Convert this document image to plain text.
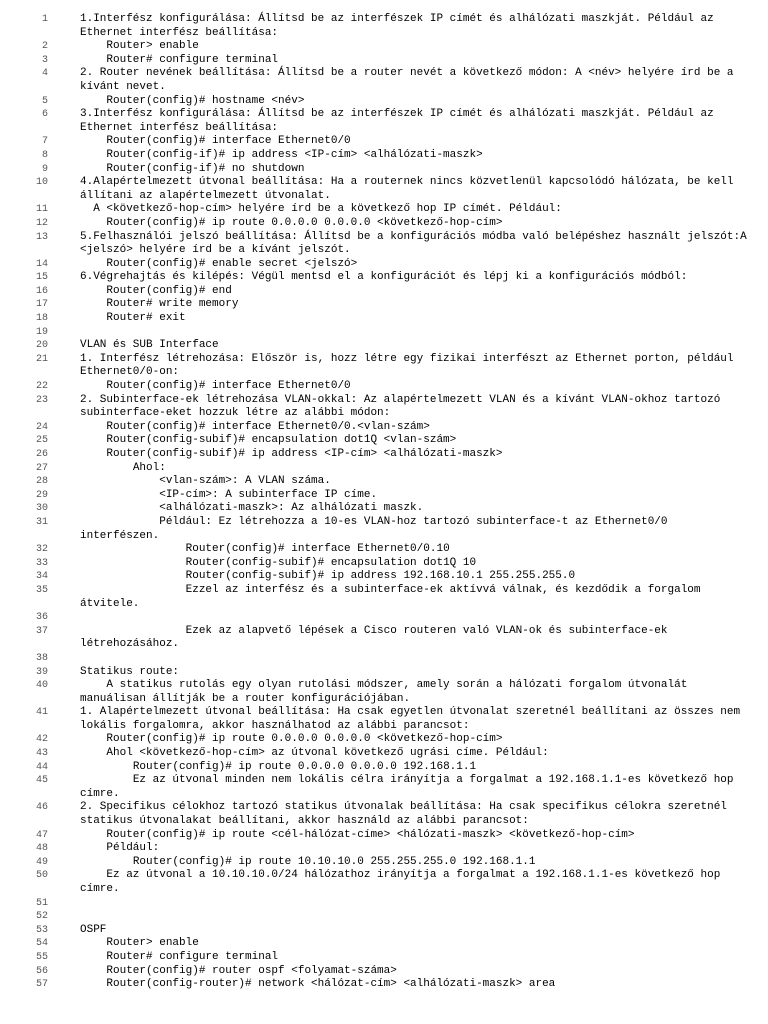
1	1.Interfész konfigurálása: Állítsd be az interfészek IP címét és alhálózati maszkját. Például az Ethernet interfész beállítása:
2	Router> enable
3	Router# configure terminal
4	2. Router nevének beállítása: Állítsd be a router nevét a következő módon: A <név> helyére írd be a kívánt nevet.
5	Router(config)# hostname <név>
6	3.Interfész konfigurálása: Állítsd be az interfészek IP címét és alhálózati maszkját. Például az Ethernet interfész beállítása:
7	Router(config)# interface Ethernet0/0
8	Router(config-if)# ip address <IP-cím> <alhálózati-maszk>
9	Router(config-if)# no shutdown
10	4.Alapértelmezett útvonal beállítása: Ha a routernek nincs közvetlenül kapcsolódó hálózata, be kell állítani az alapértelmezett útvonalat.
11	A <következő-hop-cím> helyére írd be a következő hop IP címét. Például:
12	Router(config)# ip route 0.0.0.0 0.0.0.0 <következő-hop-cím>
13	5.Felhasználói jelszó beállítása: Állítsd be a konfigurációs módba való belépéshez használt jelszót:A <jelszó> helyére írd be a kívánt jelszót.
14	Router(config)# enable secret <jelszó>
15	6.Végrehajtás és kilépés: Végül mentsd el a konfigurációt és lépj ki a konfigurációs módból:
16	Router(config)# end
17	Router# write memory
18	Router# exit
19
20	VLAN és SUB Interface
21	1. Interfész létrehozása: Először is, hozz létre egy fizikai interfészt az Ethernet porton, például Ethernet0/0-on:
22	Router(config)# interface Ethernet0/0
23	2. Subinterface-ek létrehozása VLAN-okkal: Az alapértelmezett VLAN és a kívánt VLAN-okhoz tartozó subinterface-eket hozzuk létre az alábbi módon:
24	Router(config)# interface Ethernet0/0.<vlan-szám>
25	Router(config-subif)# encapsulation dot1Q <vlan-szám>
26	Router(config-subif)# ip address <IP-cím> <alhálózati-maszk>
27	Ahol:
28	<vlan-szám>: A VLAN száma.
29	<IP-cím>: A subinterface IP címe.
30	<alhálózati-maszk>: Az alhálózati maszk.
31	Például: Ez létrehozza a 10-es VLAN-hoz tartozó subinterface-t az Ethernet0/0 interfészen.
32	Router(config)# interface Ethernet0/0.10
33	Router(config-subif)# encapsulation dot1Q 10
34	Router(config-subif)# ip address 192.168.10.1 255.255.255.0
35	Ezzel az interfész és a subinterface-ek aktívvá válnak, és kezdődik a forgalom átvitele.
36
37	Ezek az alapvető lépések a Cisco routeren való VLAN-ok és subinterface-ek létrehozásához.
38
39	Statikus route:
40	A statikus rutolás egy olyan rutolási módszer, amely során a hálózati forgalom útvonalát manuálisan állítják be a router konfigurációjában.
41	1. Alapértelmezett útvonal beállítása: Ha csak egyetlen útvonalat szeretnél beállítani az összes nem lokális forgalomra, akkor használhatod az alábbi parancsot:
42	Router(config)# ip route 0.0.0.0 0.0.0.0 <következő-hop-cím>
43	Ahol <következő-hop-cím> az útvonal következő ugrási címe. Például:
44	Router(config)# ip route 0.0.0.0 0.0.0.0 192.168.1.1
45	Ez az útvonal minden nem lokális célra irányítja a forgalmat a 192.168.1.1-es következő hop címre.
46	2. Specifikus célokhoz tartozó statikus útvonalak beállítása: Ha csak specifikus célokra szeretnél statikus útvonalakat beállítani, akkor használd az alábbi parancsot:
47	Router(config)# ip route <cél-hálózat-címe> <hálózati-maszk> <következő-hop-cím>
48	Például:
49	Router(config)# ip route 10.10.10.0 255.255.255.0 192.168.1.1
50	Ez az útvonal a 10.10.10.0/24 hálózathoz irányítja a forgalmat a 192.168.1.1-es következő hop címre.
51
52
53	OSPF
54	Router> enable
55	Router# configure terminal
56	Router(config)# router ospf <folyamat-száma>
57	Router(config-router)# network <hálózat-cím> <alhálózati-maszk> area
